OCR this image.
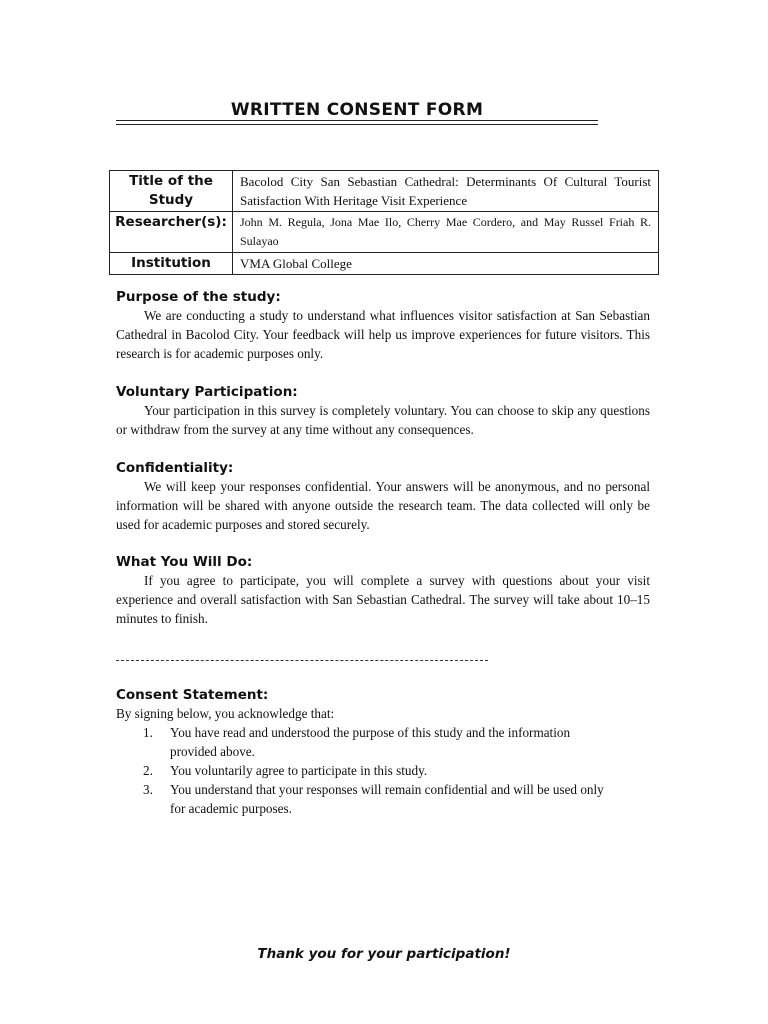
WRITTEN CONSENT FORM
Title of the Study	Bacolod City San Sebastian Cathedral: Determinants Of Cultural Tourist Satisfaction With Heritage Visit Experience
Researcher(s):	John M. Regula, Jona Mae Ilo, Cherry Mae Cordero, and May Russel Friah R. Sulayao
Institution	VMA Global College

Purpose of the study:

We are conducting a study to understand what influences visitor satisfaction at San Sebastian Cathedral in Bacolod City. Your feedback will help us improve experiences for future visitors. This research is for academic purposes only.

Voluntary Participation:

Your participation in this survey is completely voluntary. You can choose to skip any questions or withdraw from the survey at any time without any consequences.

Confidentiality:

We will keep your responses confidential. Your answers will be anonymous, and no personal information will be shared with anyone outside the research team. The data collected will only be used for academic purposes and stored securely.

What You Will Do:

If you agree to participate, you will complete a survey with questions about your visit experience and overall satisfaction with San Sebastian Cathedral. The survey will take about 10–15 minutes to finish.

Consent Statement:

By signing below, you acknowledge that:

1. You have read and understood the purpose of this study and the information provided above.
2. You voluntarily agree to participate in this study.
3. You understand that your responses will remain confidential and will be used only for academic purposes.
Thank you for your participation!
